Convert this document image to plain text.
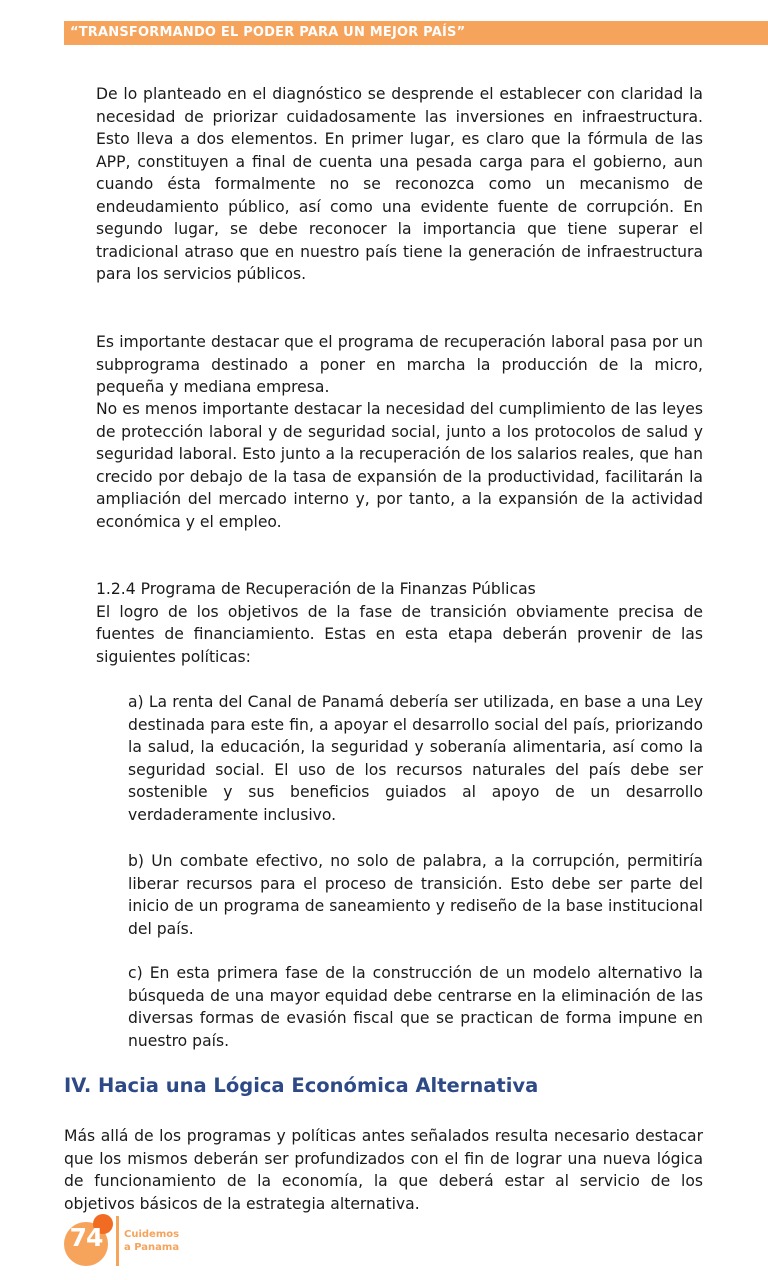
“TRANSFORMANDO EL PODER PARA UN MEJOR PAÍS”

De lo planteado en el diagnóstico se desprende el establecer con claridad la necesidad de priorizar cuidadosamente las inversiones en infraestructura. Esto lleva a dos elementos. En primer lugar, es claro que la fórmula de las APP, constituyen a final de cuenta una pesada carga para el gobierno, aun cuando ésta formalmente no se reconozca como un mecanismo de endeudamiento público, así como una evidente fuente de corrupción. En segundo lugar, se debe reconocer la importancia que tiene superar el tradicional atraso que en nuestro país tiene la generación de infraestructura para los servicios públicos.

Es importante destacar que el programa de recuperación laboral pasa por un subprograma destinado a poner en marcha la producción de la micro, pequeña y mediana empresa.

No es menos importante destacar la necesidad del cumplimiento de las leyes de protección laboral y de seguridad social, junto a los protocolos de salud y seguridad laboral. Esto junto a la recuperación de los salarios reales, que han crecido por debajo de la tasa de expansión de la productividad, facilitarán la ampliación del mercado interno y, por tanto, a la expansión de la actividad económica y el empleo.

1.2.4 Programa de Recuperación de la Finanzas Públicas
El logro de los objetivos de la fase de transición obviamente precisa de fuentes de financiamiento. Estas en esta etapa deberán provenir de las siguientes políticas:

a) La renta del Canal de Panamá debería ser utilizada, en base a una Ley destinada para este fin, a apoyar el desarrollo social del país, priorizando la salud, la educación, la seguridad y soberanía alimentaria, así como la seguridad social. El uso de los recursos naturales del país debe ser sostenible y sus beneficios guiados al apoyo de un desarrollo verdaderamente inclusivo.

b) Un combate efectivo, no solo de palabra, a la corrupción, permitiría liberar recursos para el proceso de transición. Esto debe ser parte del inicio de un programa de saneamiento y rediseño de la base institucional del país.

c) En esta primera fase de la construcción de un modelo alternativo la búsqueda de una mayor equidad debe centrarse en la eliminación de las diversas formas de evasión fiscal que se practican de forma impune en nuestro país.

IV. Hacia una Lógica Económica Alternativa

Más allá de los programas y políticas antes señalados resulta necesario destacar que los mismos deberán ser profundizados con el fin de lograr una nueva lógica de funcionamiento de la economía, la que deberá estar al servicio de los objetivos básicos de la estrategia alternativa.

74	Cuidemos
a Panama
